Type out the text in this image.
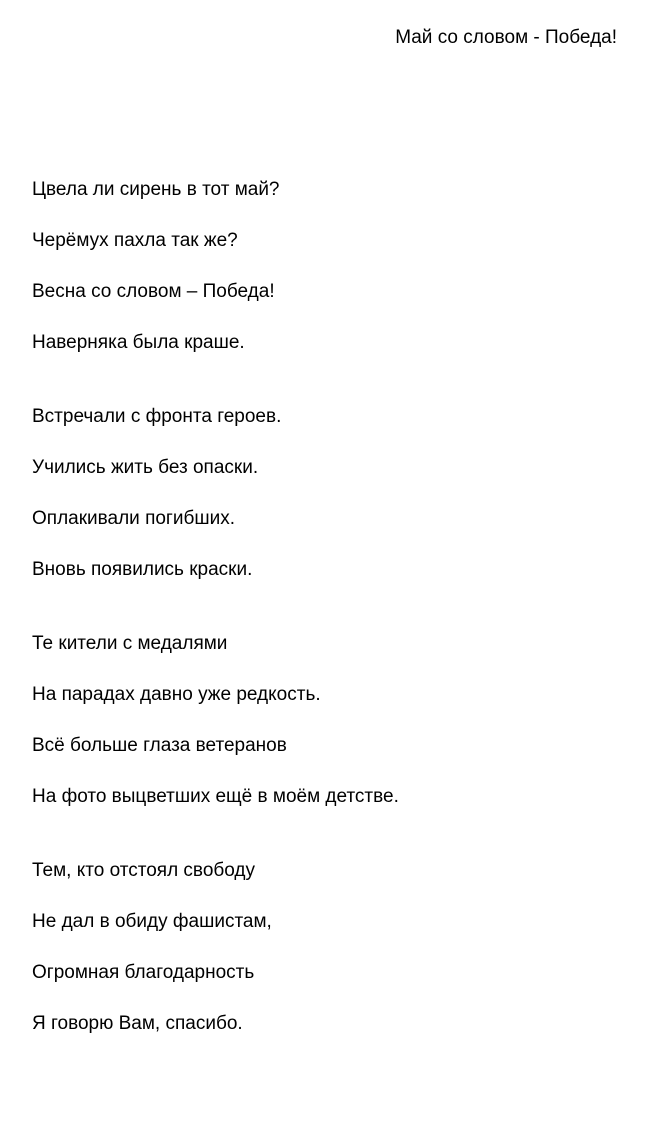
Май со словом - Победа!
Цвела ли сирень в тот май?
Черёмух пахла так же?
Весна со словом – Победа!
Наверняка была краше.
Встречали с фронта героев.
Учились жить без опаски.
Оплакивали погибших.
Вновь появились краски.
Те кители с медалями
На парадах давно уже редкость.
Всё больше глаза ветеранов
На фото выцветших ещё в моём детстве.
Тем, кто отстоял свободу
Не дал в обиду фашистам,
Огромная благодарность
Я говорю Вам, спасибо.
